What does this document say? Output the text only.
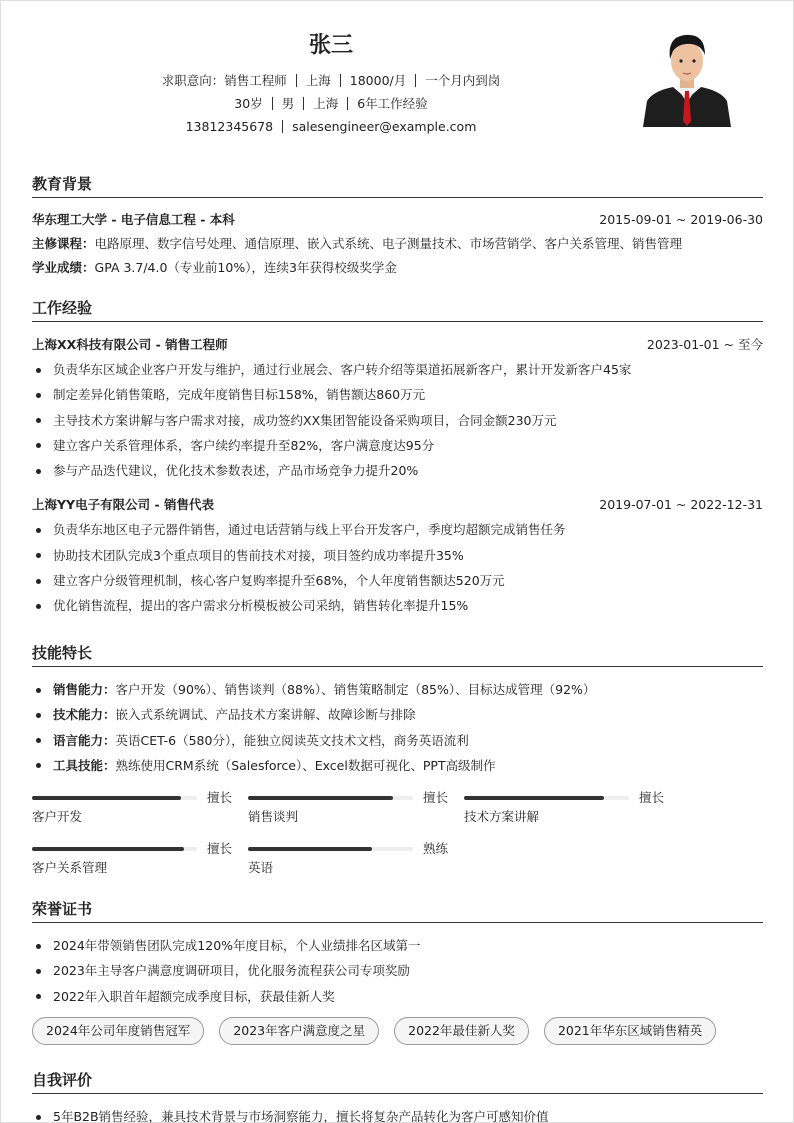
张三
求职意向：销售工程师 上海 18000/月 一个月内到岗
30岁 男 上海 6年工作经验
13812345678 salesengineer@example.com
教育背景
华东理工大学 - 电子信息工程 - 本科	2015-09-01 ~ 2019-06-30
主修课程： 电路原理、数字信号处理、通信原理、嵌入式系统、电子测量技术、市场营销学、客户关系管理、销售管理
学业成绩： GPA 3.7/4.0（专业前10%），连续3年获得校级奖学金
工作经验
上海XX科技有限公司 - 销售工程师	2023-01-01 ~ 至今
负责华东区域企业客户开发与维护，通过行业展会、客户转介绍等渠道拓展新客户，累计开发新客户45家
制定差异化销售策略，完成年度销售目标158%，销售额达860万元
主导技术方案讲解与客户需求对接，成功签约XX集团智能设备采购项目，合同金额230万元
建立客户关系管理体系，客户续约率提升至82%，客户满意度达95分
参与产品迭代建议，优化技术参数表述，产品市场竞争力提升20%
上海YY电子有限公司 - 销售代表	2019-07-01 ~ 2022-12-31
负责华东地区电子元器件销售，通过电话营销与线上平台开发客户，季度均超额完成销售任务
协助技术团队完成3个重点项目的售前技术对接，项目签约成功率提升35%
建立客户分级管理机制，核心客户复购率提升至68%，个人年度销售额达520万元
优化销售流程，提出的客户需求分析模板被公司采纳，销售转化率提升15%
技能特长
销售能力：客户开发（90%）、销售谈判（88%）、销售策略制定（85%）、目标达成管理（92%）
技术能力：嵌入式系统调试、产品技术方案讲解、故障诊断与排除
语言能力：英语CET-6（580分），能独立阅读英文技术文档，商务英语流利
工具技能：熟练使用CRM系统（Salesforce）、Excel数据可视化、PPT高级制作
擅长
客户开发
擅长
销售谈判
擅长
技术方案讲解
擅长
客户关系管理
熟练
英语
荣誉证书
2024年带领销售团队完成120%年度目标，个人业绩排名区域第一
2023年主导客户满意度调研项目，优化服务流程获公司专项奖励
2022年入职首年超额完成季度目标，获最佳新人奖
2024年公司年度销售冠军	2023年客户满意度之星	2022年最佳新人奖	2021年华东区域销售精英
自我评价
5年B2B销售经验，兼具技术背景与市场洞察能力，擅长将复杂产品转化为客户可感知价值
